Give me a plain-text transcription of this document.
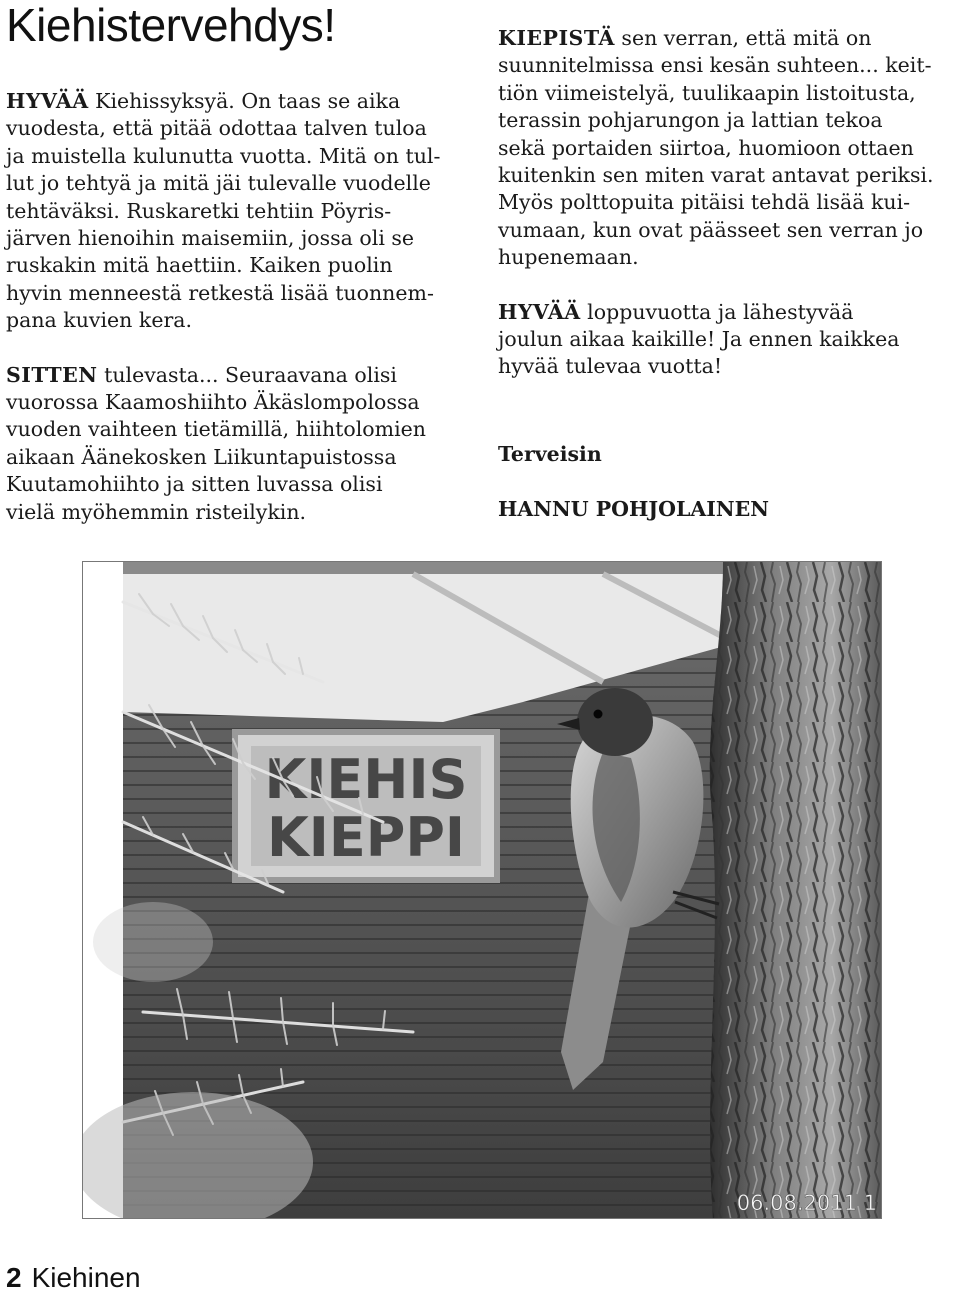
Kiehistervehdys!

HYVÄÄ Kiehissyksyä. On taas se aika
vuodesta, että pitää odottaa talven tuloa
ja muistella kulunutta vuotta. Mitä on tul-
lut jo tehtyä ja mitä jäi tulevalle vuodelle
tehtäväksi. Ruskaretki tehtiin Pöyris-
järven hienoihin maisemiin, jossa oli se
ruskakin mitä haettiin. Kaiken puolin
hyvin menneestä retkestä lisää tuonnem-
pana kuvien kera.

SITTEN tulevasta... Seuraavana olisi
vuorossa Kaamoshiihto Äkäslompolossa
vuoden vaihteen tietämillä, hiihtolomien
aikaan Äänekosken Liikuntapuistossa
Kuutamohiihto ja sitten luvassa olisi
vielä myöhemmin risteilykin.

KIEPISTÄ sen verran, että mitä on
suunnitelmissa ensi kesän suhteen... keit-
tiön viimeistelyä, tuulikaapin listoitusta,
terassin pohjarungon ja lattian tekoa
sekä portaiden siirtoa, huomioon ottaen
kuitenkin sen miten varat antavat periksi.
Myös polttopuita pitäisi tehdä lisää kui-
vumaan, kun ovat päässeet sen verran jo
hupenemaan.

HYVÄÄ loppuvuotta ja lähestyvää
joulun aikaa kaikille! Ja ennen kaikkea
hyvää tulevaa vuotta!

Terveisin

HANNU POHJOLAINEN

KIEHIS
KIEPPI
06.08.2011 1
2 Kiehinen
